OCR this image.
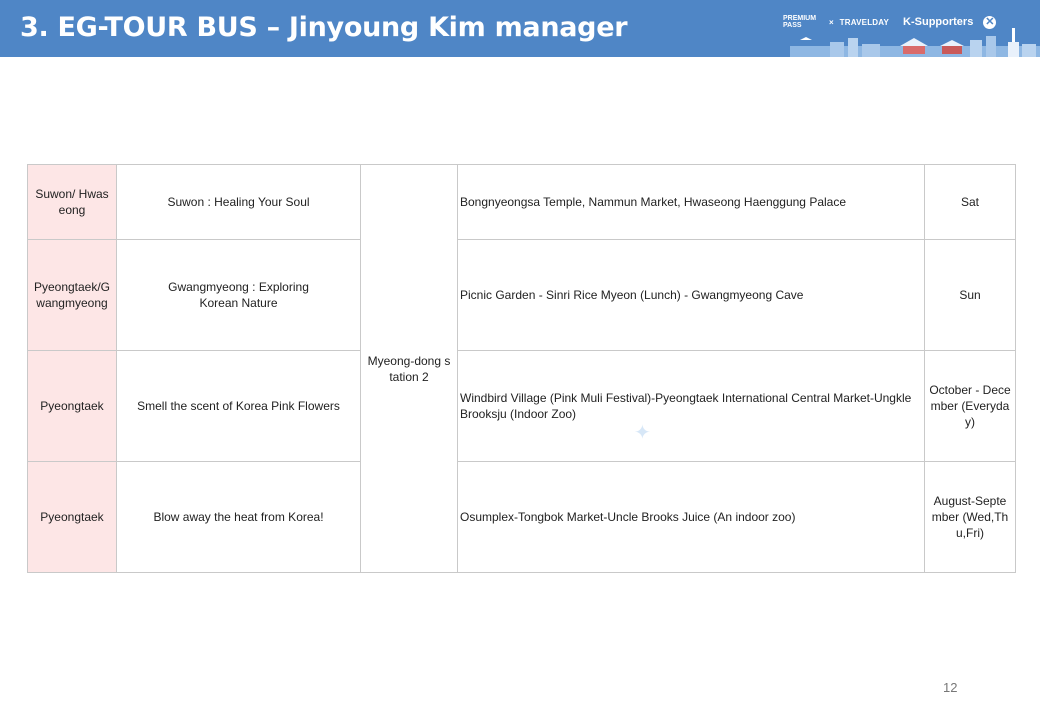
3. EG-TOUR BUS – Jinyoung Kim manager	PREMIUM PASS	× TRAVELDAY K-Supporters ✕
Suwon/ Hwaseong	Suwon : Healing Your Soul	Myeong-dong station 2	Bongnyeongsa Temple, Nammun Market, Hwaseong Haenggung Palace	Sat
Pyeongtaek/Gwangmyeong	Gwangmyeong : Exploring Korean Nature		Picnic Garden - Sinri Rice Myeon (Lunch) - Gwangmyeong Cave	Sun
Pyeongtaek	Smell the scent of Korea Pink Flowers		Windbird Village (Pink Muli Festival)-Pyeongtaek International Central Market-Ungkle Brooksju (Indoor Zoo)	October - December (Everyday)
Pyeongtaek	Blow away the heat from Korea!		Osumplex-Tongbok Market-Uncle Brooks Juice (An indoor zoo)	August-September (Wed,Thu,Fri)
✦
12
